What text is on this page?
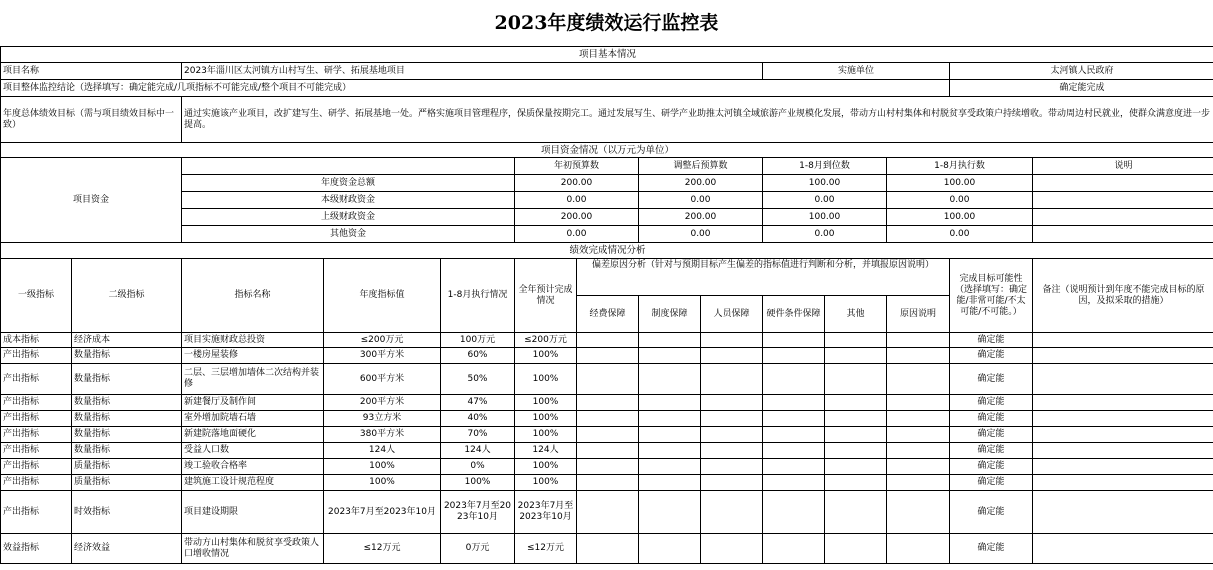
2023年度绩效运行监控表
项目基本情况													
项目名称		2023年淄川区太河镇方山村写生、研学、拓展基地项目							实施单位			太河镇人民政府	
项目整体监控结论（选择填写：确定能完成/几项指标不可能完成/整个项目不可能完成）												确定能完成	
年度总体绩效目标（需与项目绩效目标中一致）		通过实施该产业项目，改扩建写生、研学、拓展基地一处。严格实施项目管理程序，保质保量按期完工。通过发展写生、研学产业助推太河镇全域旅游产业规模化发展，带动方山村村集体和村脱贫享受政策户持续增收。带动周边村民就业，使群众满意度进一步提高。											
项目资金情况（以万元为单位）													
项目资金					年初预算数		调整后预算数		1-8月到位数		1-8月执行数		说明
		年度资金总额			200.00		200.00		100.00		100.00		
		本级财政资金			0.00		0.00		0.00		0.00		
		上级财政资金			200.00		200.00		100.00		100.00		
		其他资金			0.00		0.00		0.00		0.00		
绩效完成情况分析													
一级指标	二级指标	指标名称	年度指标值	1-8月执行情况	全年预计完成情况	偏差原因分析（针对与预期目标产生偏差的指标值进行判断和分析，并填报原因说明）						完成目标可能性（选择填写：确定能/非常可能/不太可能/不可能。）	备注（说明预计到年度不能完成目标的原因，及拟采取的措施）
						经费保障	制度保障	人员保障	硬件条件保障	其他	原因说明		
成本指标	经济成本	项目实施财政总投资	≤200万元	100万元	≤200万元							确定能	
产出指标	数量指标	一楼房屋装修	300平方米	60%	100%							确定能	
产出指标	数量指标	二层、三层增加墙体二次结构并装修	600平方米	50%	100%							确定能	
产出指标	数量指标	新建餐厅及制作间	200平方米	47%	100%							确定能	
产出指标	数量指标	室外增加院墙石墙	93立方米	40%	100%							确定能	
产出指标	数量指标	新建院落地面硬化	380平方米	70%	100%							确定能	
产出指标	数量指标	受益人口数	124人	124人	124人							确定能	
产出指标	质量指标	竣工验收合格率	100%	0%	100%							确定能	
产出指标	质量指标	建筑施工设计规范程度	100%	100%	100%							确定能	
产出指标	时效指标	项目建设期限	2023年7月至2023年10月	2023年7月至2023年10月	2023年7月至2023年10月							确定能	
效益指标	经济效益	带动方山村集体和脱贫享受政策人口增收情况	≤12万元	0万元	≤12万元							确定能	
